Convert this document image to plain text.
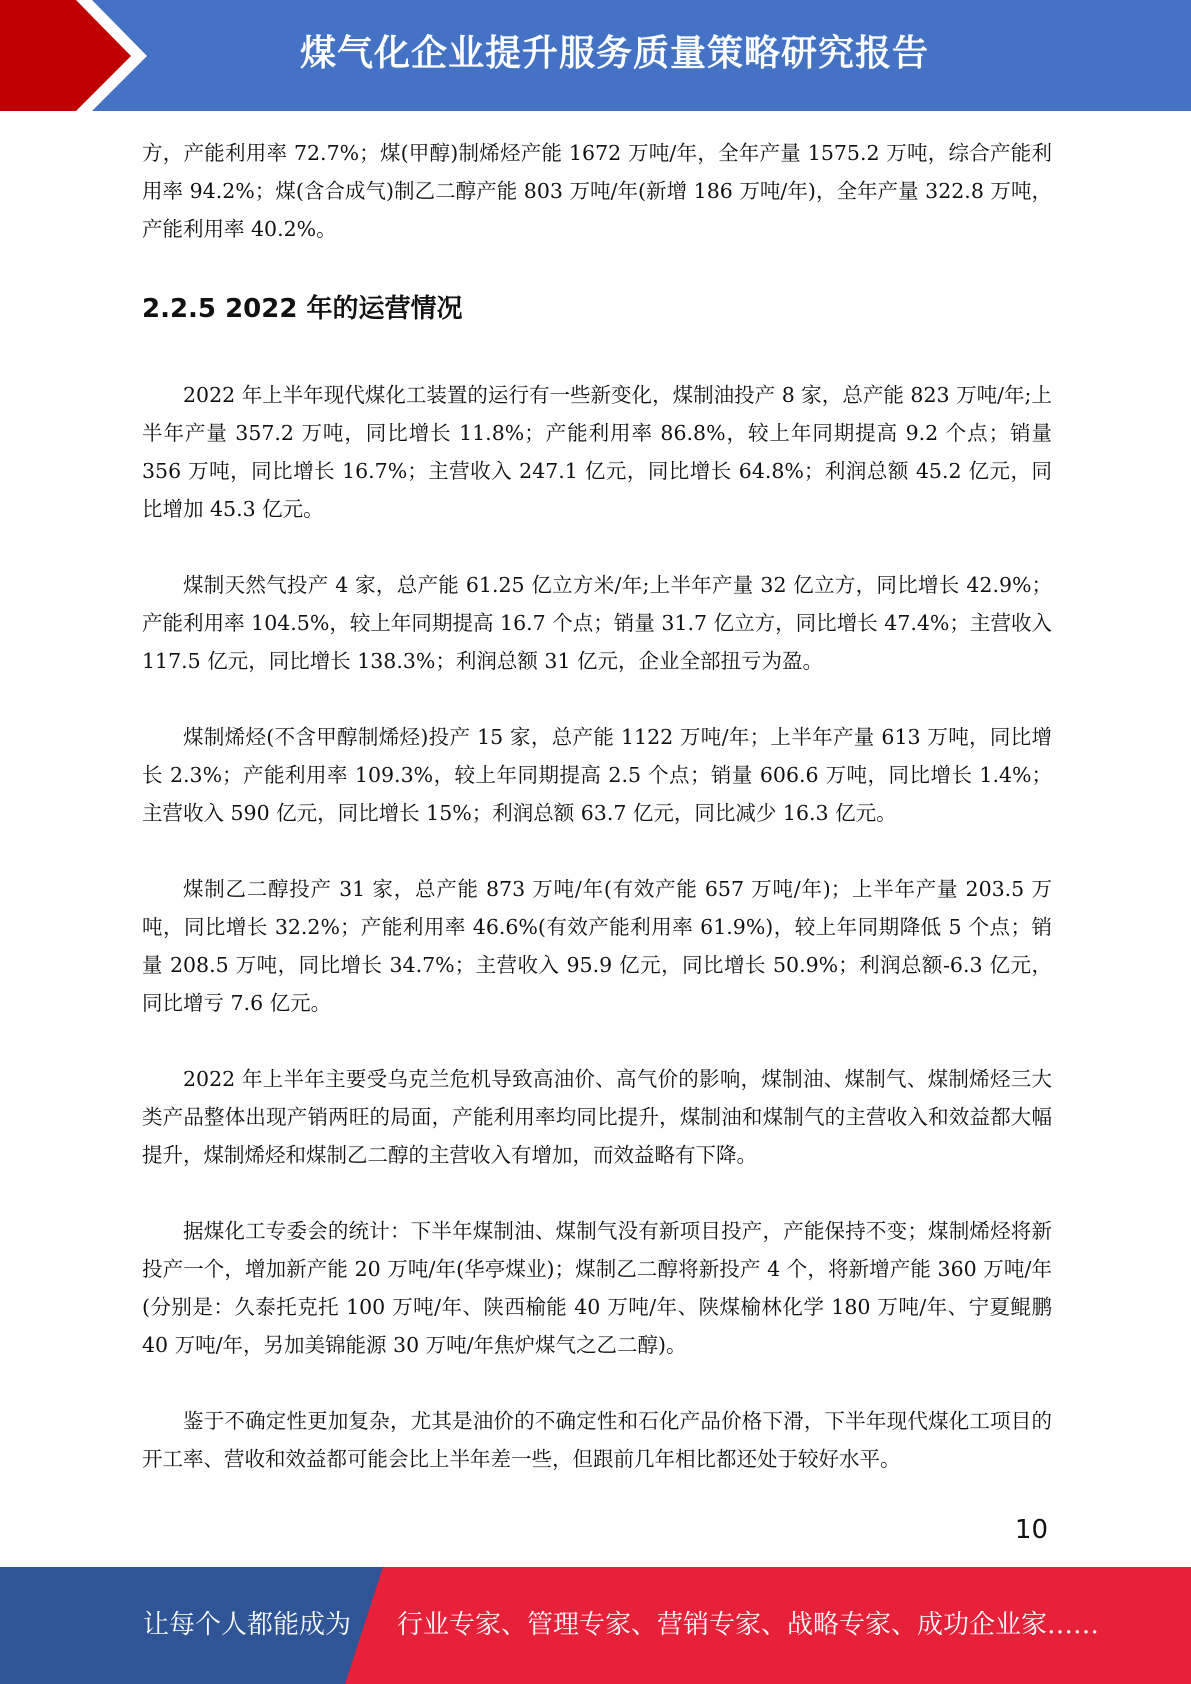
煤气化企业提升服务质量策略研究报告

方，产能利用率 72.7%；煤(甲醇)制烯烃产能 1672 万吨/年，全年产量 1575.2 万吨，综合产能利用率 94.2%；煤(含合成气)制乙二醇产能 803 万吨/年(新增 186 万吨/年)，全年产量 322.8 万吨，产能利用率 40.2%。

2.2.5 2022 年的运营情况

2022 年上半年现代煤化工装置的运行有一些新变化，煤制油投产 8 家，总产能 823 万吨/年;上半年产量 357.2 万吨，同比增长 11.8%；产能利用率 86.8%，较上年同期提高 9.2 个点；销量 356 万吨，同比增长 16.7%；主营收入 247.1 亿元，同比增长 64.8%；利润总额 45.2 亿元，同比增加 45.3 亿元。

煤制天然气投产 4 家，总产能 61.25 亿立方米/年;上半年产量 32 亿立方，同比增长 42.9%；产能利用率 104.5%，较上年同期提高 16.7 个点；销量 31.7 亿立方，同比增长 47.4%；主营收入 117.5 亿元，同比增长 138.3%；利润总额 31 亿元，企业全部扭亏为盈。

煤制烯烃(不含甲醇制烯烃)投产 15 家，总产能 1122 万吨/年；上半年产量 613 万吨，同比增长 2.3%；产能利用率 109.3%，较上年同期提高 2.5 个点；销量 606.6 万吨，同比增长 1.4%；主营收入 590 亿元，同比增长 15%；利润总额 63.7 亿元，同比减少 16.3 亿元。

煤制乙二醇投产 31 家，总产能 873 万吨/年(有效产能 657 万吨/年)；上半年产量 203.5 万吨，同比增长 32.2%；产能利用率 46.6%(有效产能利用率 61.9%)，较上年同期降低 5 个点；销量 208.5 万吨，同比增长 34.7%；主营收入 95.9 亿元，同比增长 50.9%；利润总额-6.3 亿元，同比增亏 7.6 亿元。

2022 年上半年主要受乌克兰危机导致高油价、高气价的影响，煤制油、煤制气、煤制烯烃三大类产品整体出现产销两旺的局面，产能利用率均同比提升，煤制油和煤制气的主营收入和效益都大幅提升，煤制烯烃和煤制乙二醇的主营收入有增加，而效益略有下降。

据煤化工专委会的统计：下半年煤制油、煤制气没有新项目投产，产能保持不变；煤制烯烃将新投产一个，增加新产能 20 万吨/年(华亭煤业)；煤制乙二醇将新投产 4 个，将新增产能 360 万吨/年(分别是：久泰托克托 100 万吨/年、陕西榆能 40 万吨/年、陕煤榆林化学 180 万吨/年、宁夏鲲鹏 40 万吨/年，另加美锦能源 30 万吨/年焦炉煤气之乙二醇)。

鉴于不确定性更加复杂，尤其是油价的不确定性和石化产品价格下滑，下半年现代煤化工项目的开工率、营收和效益都可能会比上半年差一些，但跟前几年相比都还处于较好水平。

10
让每个人都能成为 行业专家、管理专家、营销专家、战略专家、成功企业家……
